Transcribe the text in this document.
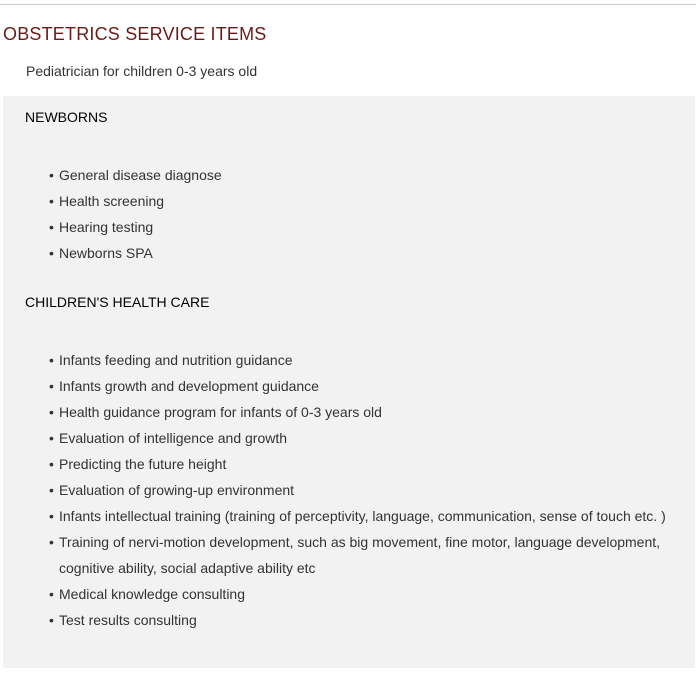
OBSTETRICS SERVICE ITEMS

Pediatrician for children 0-3 years old

NEWBORNS
• General disease diagnose
• Health screening
• Hearing testing
• Newborns SPA
CHILDREN'S HEALTH CARE
• Infants feeding and nutrition guidance
• Infants growth and development guidance
• Health guidance program for infants of 0-3 years old
• Evaluation of intelligence and growth
• Predicting the future height
• Evaluation of growing-up environment
• Infants intellectual training (training of perceptivity, language, communication, sense of touch etc. )
• Training of nervi-motion development, such as big movement, fine motor, language development,
cognitive ability, social adaptive ability etc
• Medical knowledge consulting
• Test results consulting
